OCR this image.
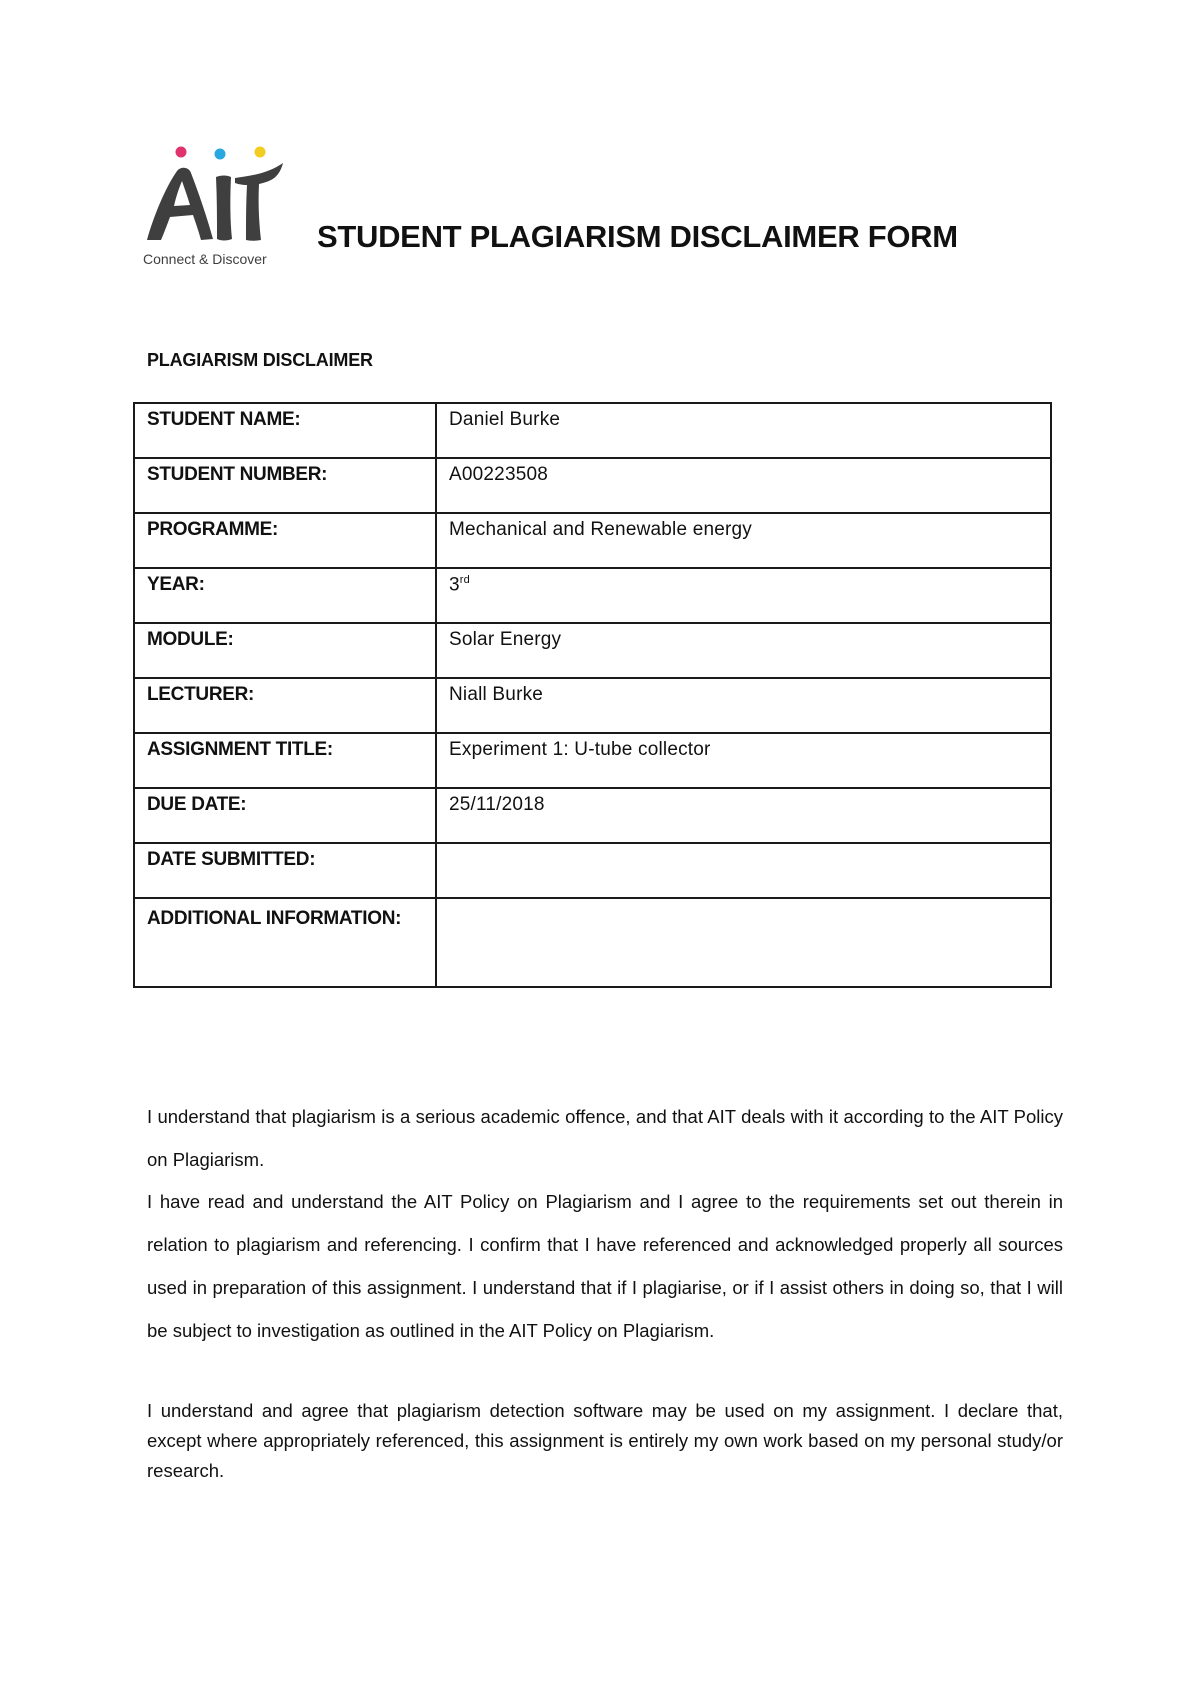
Connect & Discover
STUDENT PLAGIARISM DISCLAIMER FORM
PLAGIARISM DISCLAIMER
STUDENT NAME:	Daniel Burke
STUDENT NUMBER:	A00223508
PROGRAMME:	Mechanical and Renewable energy
YEAR:	3rd
MODULE:	Solar Energy
LECTURER:	Niall Burke
ASSIGNMENT TITLE:	Experiment 1: U-tube collector
DUE DATE:	25/11/2018
DATE SUBMITTED:	
ADDITIONAL INFORMATION:	

I understand that plagiarism is a serious academic offence, and that AIT deals with it according to the AIT Policy on Plagiarism.

I have read and understand the AIT Policy on Plagiarism and I agree to the requirements set out therein in relation to plagiarism and referencing. I confirm that I have referenced and acknowledged properly all sources used in preparation of this assignment. I understand that if I plagiarise, or if I assist others in doing so, that I will be subject to investigation as outlined in the AIT Policy on Plagiarism.

I understand and agree that plagiarism detection software may be used on my assignment. I declare that, except where appropriately referenced, this assignment is entirely my own work based on my personal study/or research.
